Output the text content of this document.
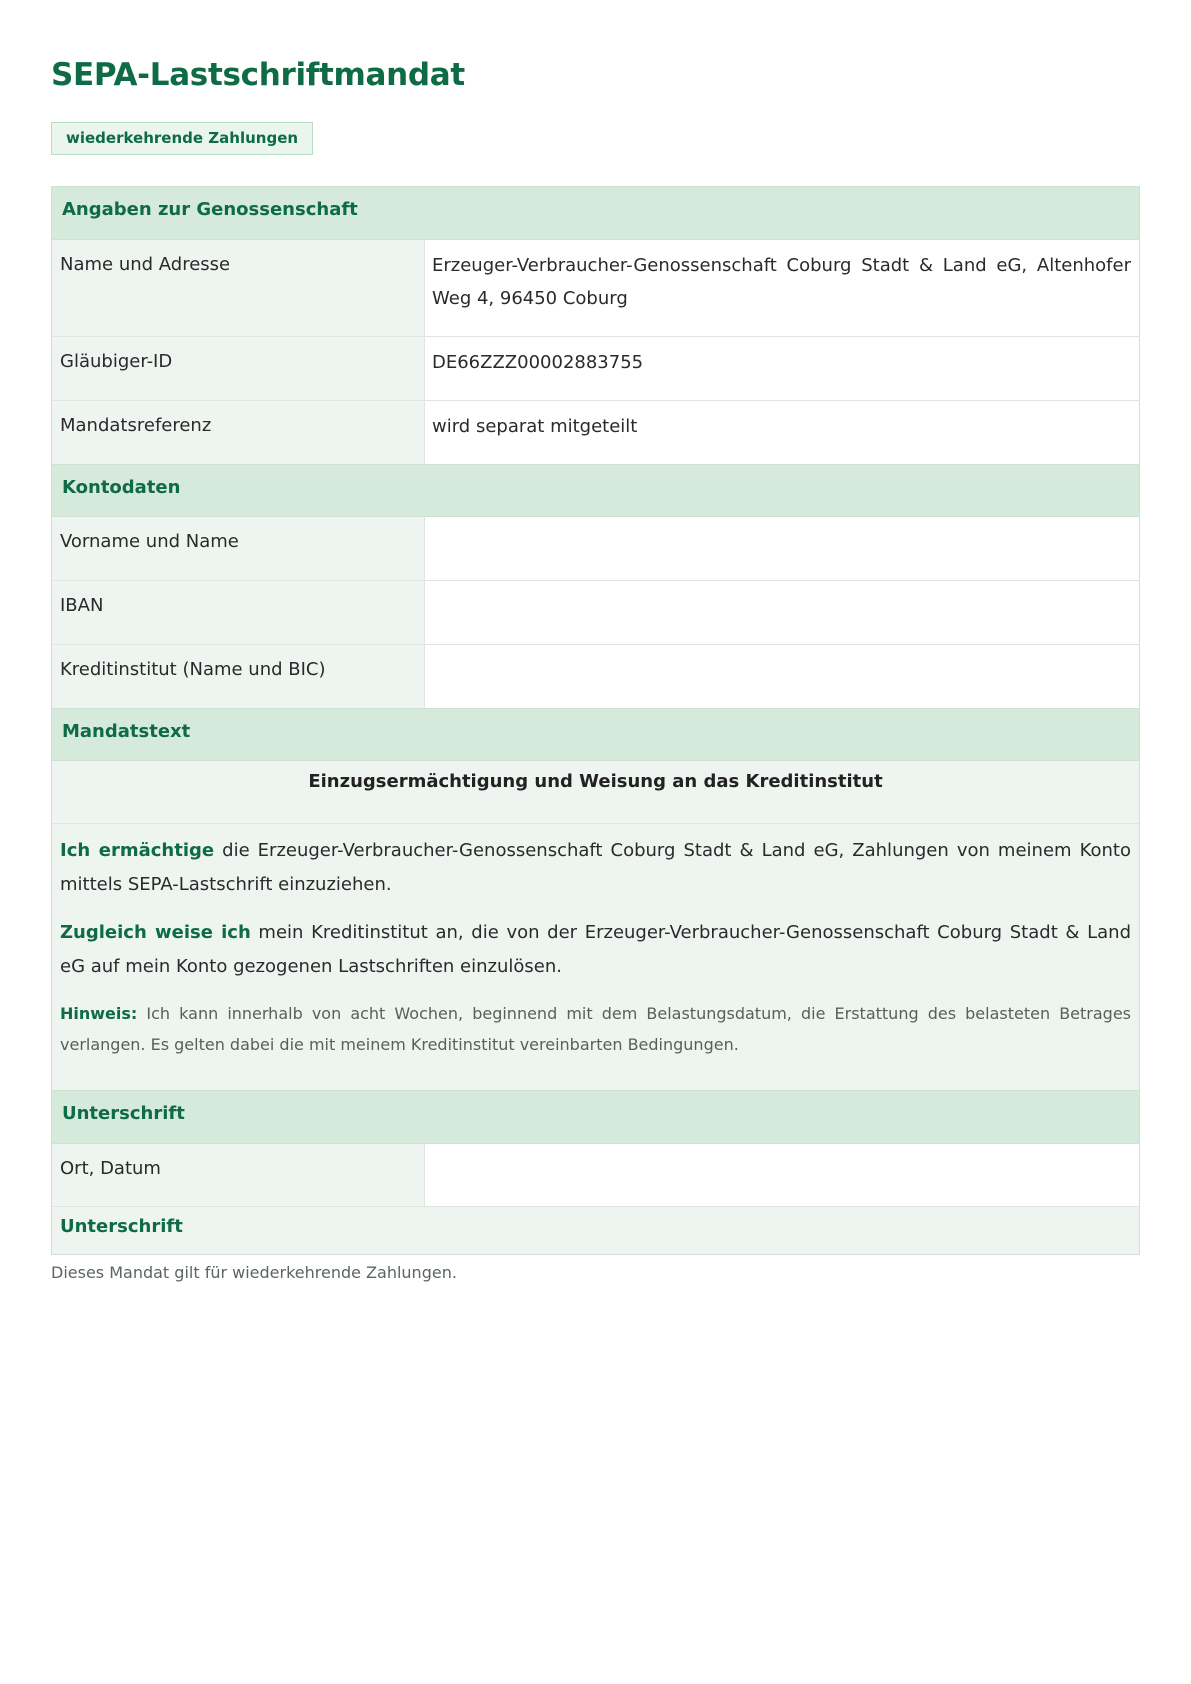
SEPA-Lastschriftmandat
wiederkehrende Zahlungen
Angaben zur Genossenschaft
Name und Adresse	Erzeuger-Verbraucher-Genossenschaft Coburg Stadt & Land eG, Altenhofer Weg 4, 96450 Coburg
Gläubiger-ID	DE66ZZZ00002883755
Mandatsreferenz	wird separat mitgeteilt
Kontodaten
Vorname und Name
IBAN
Kreditinstitut (Name und BIC)
Mandatstext
Einzugsermächtigung und Weisung an das Kreditinstitut

Ich ermächtige die Erzeuger-Verbraucher-Genossenschaft Coburg Stadt & Land eG, Zahlungen von meinem Konto mittels SEPA-Lastschrift einzuziehen.

Zugleich weise ich mein Kreditinstitut an, die von der Erzeuger-Verbraucher-Genossenschaft Coburg Stadt & Land eG auf mein Konto gezogenen Lastschriften einzulösen.

Hinweis: Ich kann innerhalb von acht Wochen, beginnend mit dem Belastungsdatum, die Erstattung des belasteten Betrages verlangen. Es gelten dabei die mit meinem Kreditinstitut vereinbarten Bedingungen.

Unterschrift
Ort, Datum
Unterschrift
Dieses Mandat gilt für wiederkehrende Zahlungen.
